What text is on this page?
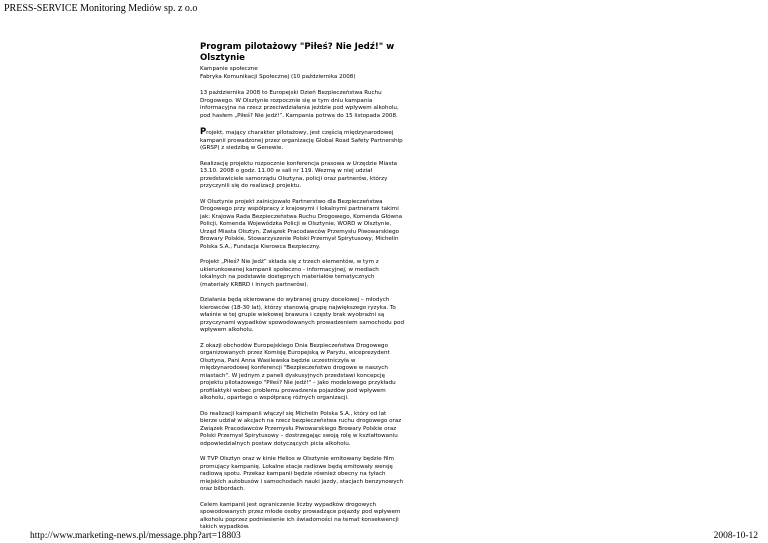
PRESS-SERVICE Monitoring Mediów sp. z o.o
Program pilotażowy "Piłeś? Nie Jedź!" w Olsztynie
Kampanie społeczne
Fabryka Komunikacji Społecznej (10 października 2008)

13 października 2008 to Europejski Dzień Bezpieczeństwa Ruchu Drogowego. W Olsztynie rozpocznie się w tym dniu kampania informacyjna na rzecz przeciwdziałania jeździe pod wpływem alkoholu, pod hasłem „Piłeś? Nie jedź!”. Kampania potrwa do 15 listopada 2008.

Projekt, mający charakter pilotażowy, jest częścią międzynarodowej kampanii prowadzonej przez organizację Global Road Safety Partnership (GRSP) z siedzibą w Genewie.

Realizację projektu rozpocznie konferencja prasowa w Urzędzie Miasta 13.10. 2008 o godz. 11.00 w sali nr 119. Wezmą w niej udział przedstawiciele samorządu Olsztyna, policji oraz partnerów, którzy przyczynili się do realizacji projektu.

W Olsztynie projekt zainicjowało Partnerstwo dla Bezpieczeństwa Drogowego przy współpracy z krajowymi i lokalnymi partnerami takimi jak: Krajowa Rada Bezpieczeństwa Ruchu Drogowego, Komenda Główna Policji, Komenda Wojewódzka Policji w Olsztynie, WORD w Olsztynie, Urząd Miasta Olsztyn, Związek Pracodawców Przemysłu Piwowarskiego Browary Polskie, Stowarzyszenie Polski Przemysł Spirytusowy, Michelin Polska S.A., Fundacja Kierowca Bezpieczny.

Projekt „Piłeś? Nie Jedź” składa się z trzech elementów, w tym z ukierunkowanej kampanii społeczno - informacyjnej, w mediach lokalnych na podstawie dostępnych materiałów tematycznych (materiały KRBRD i innych partnerów).

Działania będą skierowane do wybranej grupy docelowej – młodych kierowców (18-30 lat), którzy stanowią grupę największego ryzyka. To właśnie w tej grupie wiekowej brawura i częsty brak wyobraźni są przyczynami wypadków spowodowanych prowadzeniem samochodu pod wpływem alkoholu.

Z okazji obchodów Europejskiego Dnia Bezpieczeństwa Drogowego organizowanych przez Komisję Europejską w Paryżu, wiceprezydent Olsztyna, Pani Anna Wasilewska będzie uczestniczyła w międzynarodowej konferencji "Bezpieczeństwo drogowe w naszych miastach". W jednym z paneli dyskusyjnych przedstawi koncepcję projektu pilotażowego "Piłeś? Nie jedź!" – jako modelowego przykładu profilaktyki wobec problemu prowadzenia pojazdów pod wpływem alkoholu, opartego o współpracę różnych organizacji.

Do realizacji kampanii włączył się Michelin Polska S.A., który od lat bierze udział w akcjach na rzecz bezpieczeństwa ruchu drogowego oraz Związek Pracodawców Przemysłu Piwowarskiego Browary Polskie oraz Polski Przemysł Spirytusowy – dostrzegając swoją rolę w kształtowaniu odpowiedzialnych postaw dotyczących picia alkoholu.

W TVP Olsztyn oraz w kinie Helios w Olsztynie emitowany będzie film promujący kampanię. Lokalne stacje radiowe będą emitowały wersję radiową spotu. Przekaz kampanii będzie również obecny na tyłach miejskich autobusów i samochodach nauki jazdy, stacjach benzynowych oraz bilbordach.

Celem kampanii jest ograniczenie liczby wypadków drogowych spowodowanych przez młode osoby prowadzące pojazdy pod wpływem alkoholu poprzez podniesienie ich świadomości na temat konsekwencji takich wypadków.

http://www.marketing-news.pl/message.php?art=18803	2008-10-12
